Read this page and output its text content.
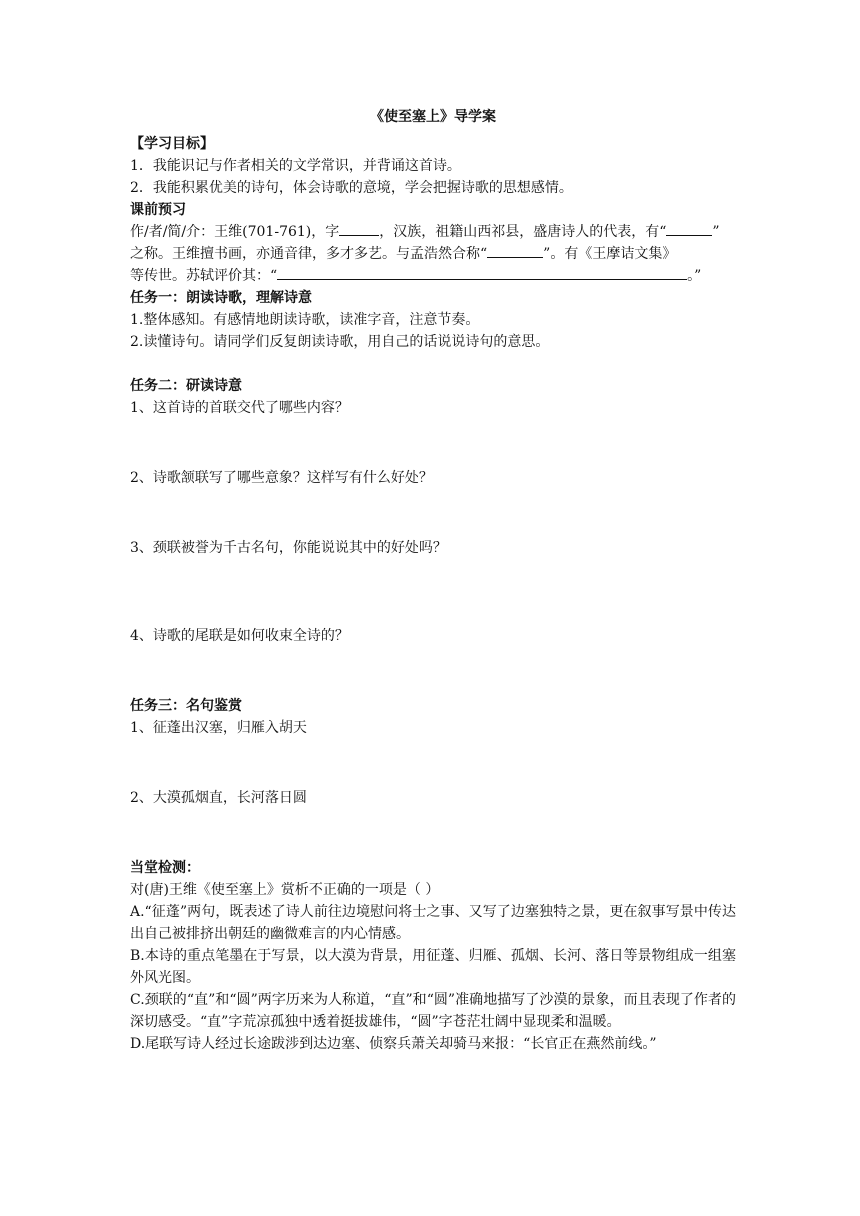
《使至塞上》导学案
【学习目标】

1．我能识记与作者相关的文学常识，并背诵这首诗。

2．我能积累优美的诗句，体会诗歌的意境，学会把握诗歌的思想感情。

课前预习

作/者/简/介：王维(701-761)，字	，汉族，祖籍山西祁县，盛唐诗人的代表，有“	”

之称。王维擅书画，亦通音律，多才多艺。与孟浩然合称“	”。有《王摩诘文集》

等传世。苏轼评价其：“	。”

任务一：朗读诗歌，理解诗意

1.整体感知。有感情地朗读诗歌，读准字音，注意节奏。

2.读懂诗句。请同学们反复朗读诗歌，用自己的话说说诗句的意思。

任务二：研读诗意

1、这首诗的首联交代了哪些内容？

2、诗歌颔联写了哪些意象？这样写有什么好处？

3、颈联被誉为千古名句，你能说说其中的好处吗？

4、诗歌的尾联是如何收束全诗的？

任务三：名句鉴赏

1、征蓬出汉塞，归雁入胡天

2、大漠孤烟直，长河落日圆

当堂检测：

对(唐)王维《使至塞上》赏析不正确的一项是（ ）

A.“征蓬”两句，既表述了诗人前往边境慰问将士之事、又写了边塞独特之景，更在叙事写景中传达出自己被排挤出朝廷的幽微难言的内心情感。

B.本诗的重点笔墨在于写景，以大漠为背景，用征蓬、归雁、孤烟、长河、落日等景物组成一组塞外风光图。

C.颈联的“直”和“圆”两字历来为人称道，“直”和“圆”准确地描写了沙漠的景象，而且表现了作者的深切感受。“直”字荒凉孤独中透着挺拔雄伟，“圆”字苍茫壮阔中显现柔和温暖。

D.尾联写诗人经过长途跋涉到达边塞、侦察兵萧关却骑马来报：“长官正在燕然前线。”
